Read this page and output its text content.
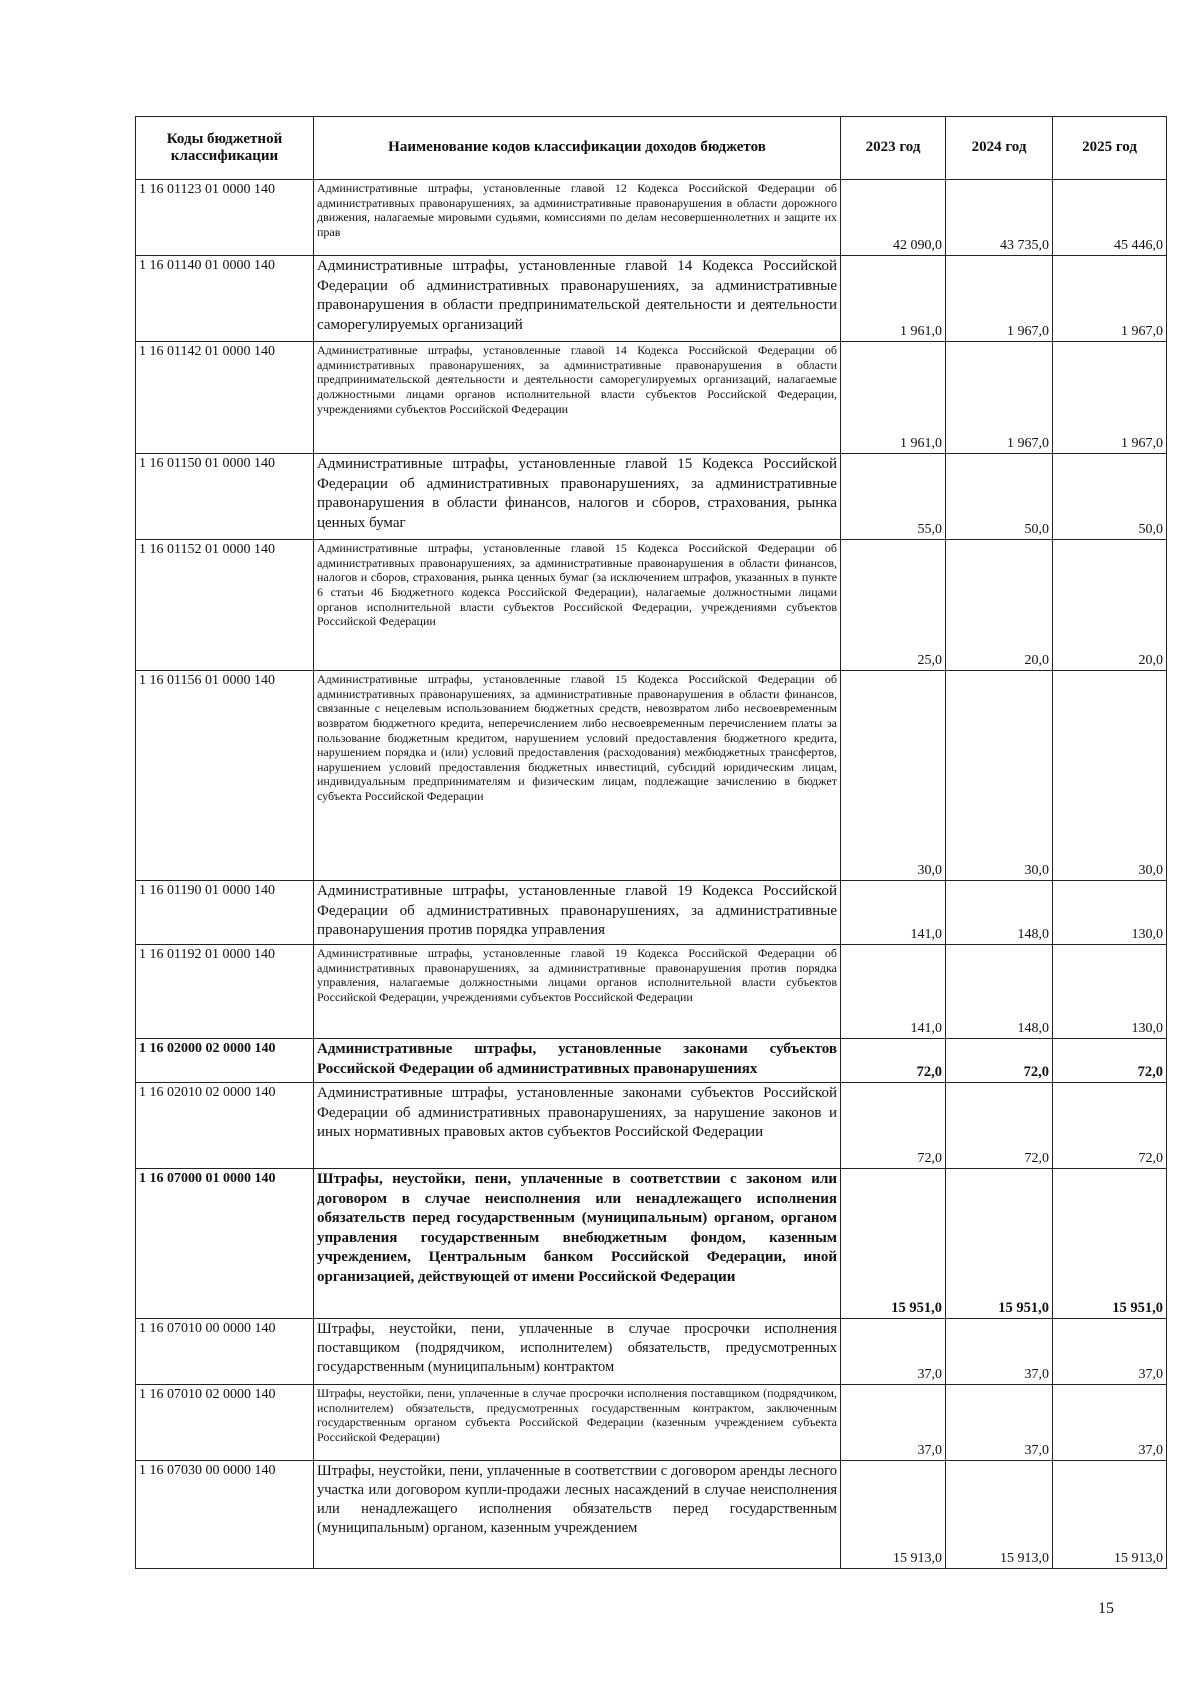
Коды бюджетной классификации	Наименование кодов классификации доходов бюджетов	2023 год	2024 год	2025 год
1 16 01123 01 0000 140	Административные штрафы, установленные главой 12 Кодекса Российской Федерации об административных правонарушениях, за административные правонарушения в области дорожного движения, налагаемые мировыми судьями, комиссиями по делам несовершеннолетних и защите их прав	42 090,0	43 735,0	45 446,0
1 16 01140 01 0000 140	Административные штрафы, установленные главой 14 Кодекса Российской Федерации об административных правонарушениях, за административные правонарушения в области предпринимательской деятельности и деятельности саморегулируемых организаций	1 961,0	1 967,0	1 967,0
1 16 01142 01 0000 140	Административные штрафы, установленные главой 14 Кодекса Российской Федерации об административных правонарушениях, за административные правонарушения в области предпринимательской деятельности и деятельности саморегулируемых организаций, налагаемые должностными лицами органов исполнительной власти субъектов Российской Федерации, учреждениями субъектов Российской Федерации	1 961,0	1 967,0	1 967,0
1 16 01150 01 0000 140	Административные штрафы, установленные главой 15 Кодекса Российской Федерации об административных правонарушениях, за административные правонарушения в области финансов, налогов и сборов, страхования, рынка ценных бумаг	55,0	50,0	50,0
1 16 01152 01 0000 140	Административные штрафы, установленные главой 15 Кодекса Российской Федерации об административных правонарушениях, за административные правонарушения в области финансов, налогов и сборов, страхования, рынка ценных бумаг (за исключением штрафов, указанных в пункте 6 статьи 46 Бюджетного кодекса Российской Федерации), налагаемые должностными лицами органов исполнительной власти субъектов Российской Федерации, учреждениями субъектов Российской Федерации	25,0	20,0	20,0
1 16 01156 01 0000 140	Административные штрафы, установленные главой 15 Кодекса Российской Федерации об административных правонарушениях, за административные правонарушения в области финансов, связанные с нецелевым использованием бюджетных средств, невозвратом либо несвоевременным возвратом бюджетного кредита, неперечислением либо несвоевременным перечислением платы за пользование бюджетным кредитом, нарушением условий предоставления бюджетного кредита, нарушением порядка и (или) условий предоставления (расходования) межбюджетных трансфертов, нарушением условий предоставления бюджетных инвестиций, субсидий юридическим лицам, индивидуальным предпринимателям и физическим лицам, подлежащие зачислению в бюджет субъекта Российской Федерации	30,0	30,0	30,0
1 16 01190 01 0000 140	Административные штрафы, установленные главой 19 Кодекса Российской Федерации об административных правонарушениях, за административные правонарушения против порядка управления	141,0	148,0	130,0
1 16 01192 01 0000 140	Административные штрафы, установленные главой 19 Кодекса Российской Федерации об административных правонарушениях, за административные правонарушения против порядка управления, налагаемые должностными лицами органов исполнительной власти субъектов Российской Федерации, учреждениями субъектов Российской Федерации	141,0	148,0	130,0
1 16 02000 02 0000 140	Административные штрафы, установленные законами субъектов Российской Федерации об административных правонарушениях	72,0	72,0	72,0
1 16 02010 02 0000 140	Административные штрафы, установленные законами субъектов Российской Федерации об административных правонарушениях, за нарушение законов и иных нормативных правовых актов субъектов Российской Федерации	72,0	72,0	72,0
1 16 07000 01 0000 140	Штрафы, неустойки, пени, уплаченные в соответствии с законом или договором в случае неисполнения или ненадлежащего исполнения обязательств перед государственным (муниципальным) органом, органом управления государственным внебюджетным фондом, казенным учреждением, Центральным банком Российской Федерации, иной организацией, действующей от имени Российской Федерации	15 951,0	15 951,0	15 951,0
1 16 07010 00 0000 140	Штрафы, неустойки, пени, уплаченные в случае просрочки исполнения поставщиком (подрядчиком, исполнителем) обязательств, предусмотренных государственным (муниципальным) контрактом	37,0	37,0	37,0
1 16 07010 02 0000 140	Штрафы, неустойки, пени, уплаченные в случае просрочки исполнения поставщиком (подрядчиком, исполнителем) обязательств, предусмотренных государственным контрактом, заключенным государственным органом субъекта Российской Федерации (казенным учреждением субъекта Российской Федерации)	37,0	37,0	37,0
1 16 07030 00 0000 140	Штрафы, неустойки, пени, уплаченные в соответствии с договором аренды лесного участка или договором купли-продажи лесных насаждений в случае неисполнения или ненадлежащего исполнения обязательств перед государственным (муниципальным) органом, казенным учреждением	15 913,0	15 913,0	15 913,0
15
